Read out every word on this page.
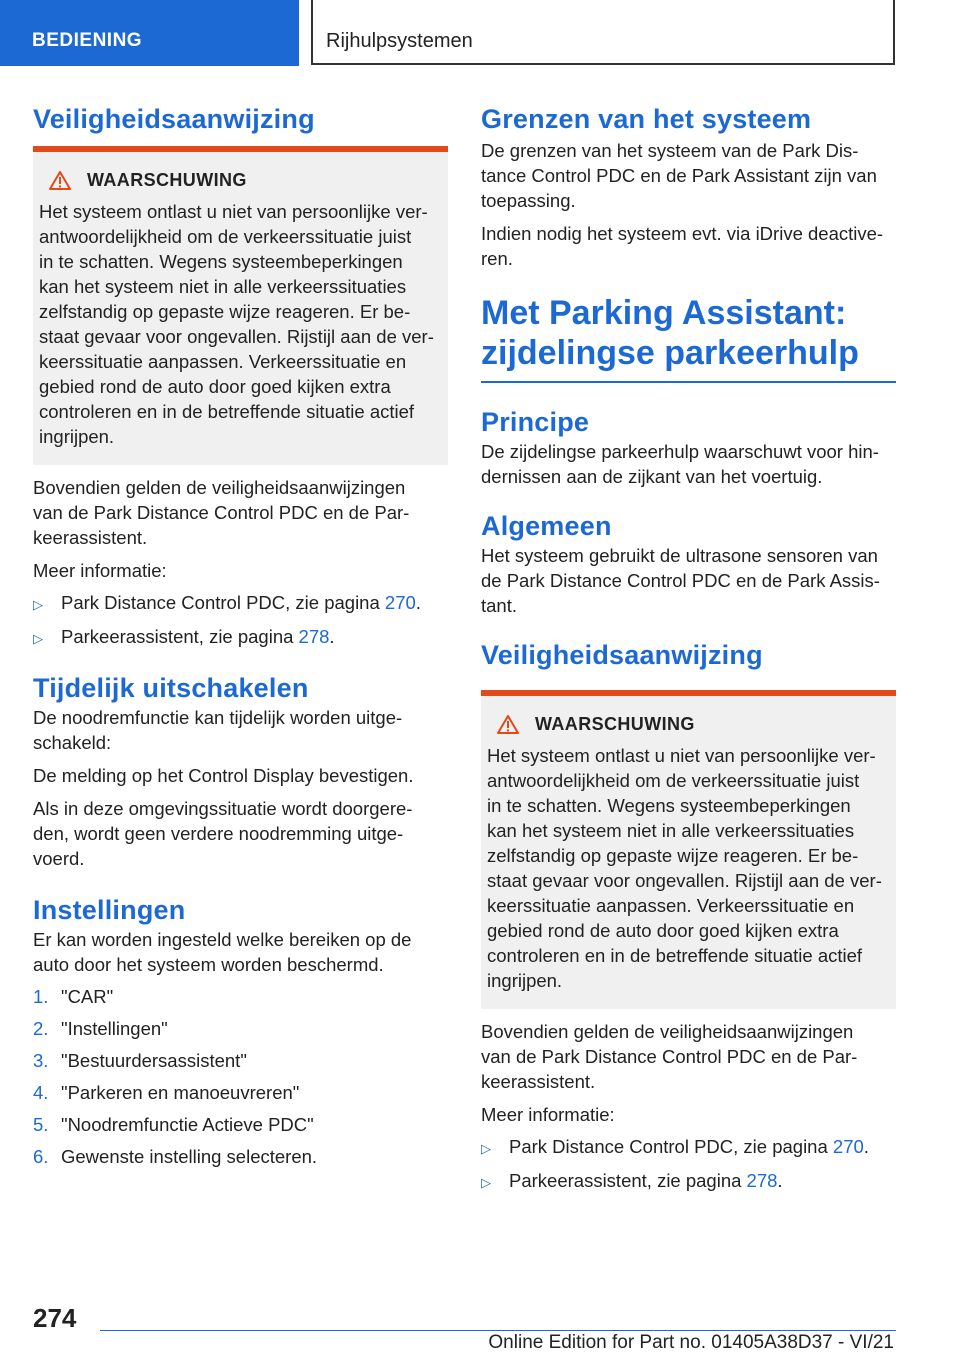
BEDIENING	Rijhulpsystemen
Veiligheidsaanwijzing
WAARSCHUWING

Het systeem ontlast u niet van persoonlijke ver-

antwoordelijkheid om de verkeerssituatie juist

in te schatten. Wegens systeembeperkingen

kan het systeem niet in alle verkeerssituaties

zelfstandig op gepaste wijze reageren. Er be-

staat gevaar voor ongevallen. Rijstijl aan de ver-

keerssituatie aanpassen. Verkeerssituatie en

gebied rond de auto door goed kijken extra

controleren en in de betreffende situatie actief

ingrijpen.

Bovendien gelden de veiligheidsaanwijzingen

van de Park Distance Control PDC en de Par-

keerassistent.

Meer informatie:

▷ Park Distance Control PDC, zie pagina 270.
▷ Parkeerassistent, zie pagina 278.
Tijdelijk uitschakelen

De noodremfunctie kan tijdelijk worden uitge-

schakeld:

De melding op het Control Display bevestigen.

Als in deze omgevingssituatie wordt doorgere-

den, wordt geen verdere noodremming uitge-

voerd.

Instellingen

Er kan worden ingesteld welke bereiken op de

auto door het systeem worden beschermd.

1. "CAR"
2. "Instellingen"
3. "Bestuurdersassistent"
4. "Parkeren en manoeuvreren"
5. "Noodremfunctie Actieve PDC"
6. Gewenste instelling selecteren.
Grenzen van het systeem

De grenzen van het systeem van de Park Dis-

tance Control PDC en de Park Assistant zijn van

toepassing.

Indien nodig het systeem evt. via iDrive deactive-

ren.

Met Parking Assistant:
zijdelingse parkeerhulp
Principe

De zijdelingse parkeerhulp waarschuwt voor hin-

dernissen aan de zijkant van het voertuig.

Algemeen

Het systeem gebruikt de ultrasone sensoren van

de Park Distance Control PDC en de Park Assis-

tant.

Veiligheidsaanwijzing
WAARSCHUWING

Het systeem ontlast u niet van persoonlijke ver-

antwoordelijkheid om de verkeerssituatie juist

in te schatten. Wegens systeembeperkingen

kan het systeem niet in alle verkeerssituaties

zelfstandig op gepaste wijze reageren. Er be-

staat gevaar voor ongevallen. Rijstijl aan de ver-

keerssituatie aanpassen. Verkeerssituatie en

gebied rond de auto door goed kijken extra

controleren en in de betreffende situatie actief

ingrijpen.

Bovendien gelden de veiligheidsaanwijzingen

van de Park Distance Control PDC en de Par-

keerassistent.

Meer informatie:

▷ Park Distance Control PDC, zie pagina 270.
▷ Parkeerassistent, zie pagina 278.
274
Online Edition for Part no. 01405A38D37 - VI/21
